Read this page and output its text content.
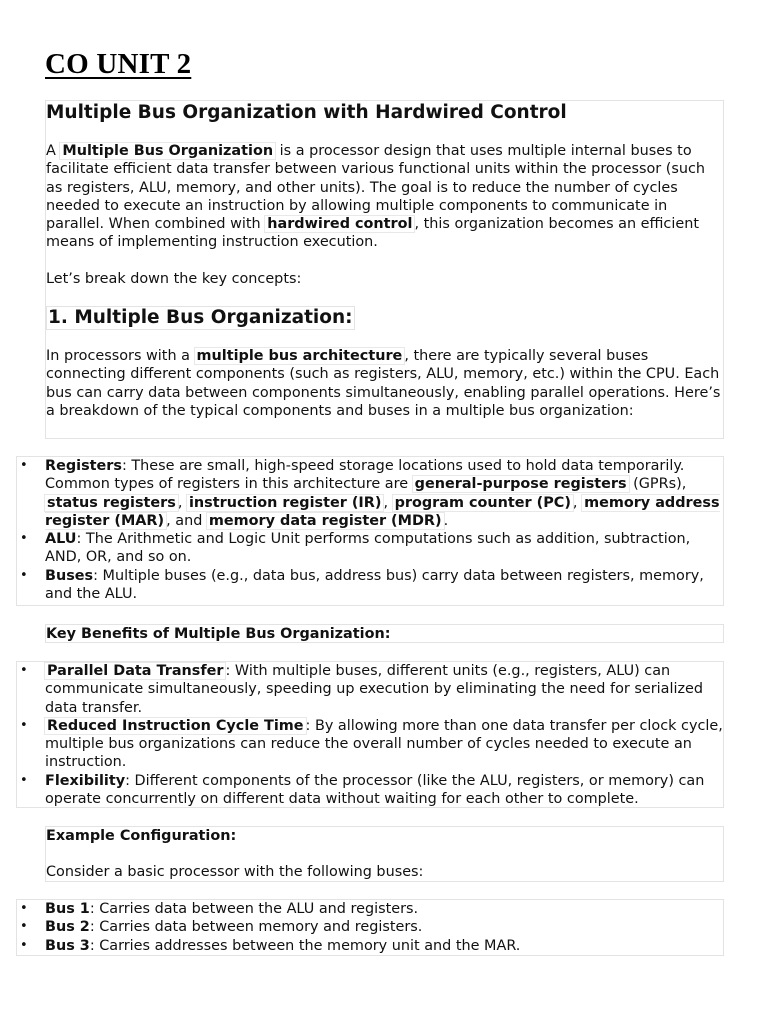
CO UNIT 2
Multiple Bus Organization with Hardwired Control

A Multiple Bus Organization is a processor design that uses multiple internal buses to facilitate efficient data transfer between various functional units within the processor (such as registers, ALU, memory, and other units). The goal is to reduce the number of cycles needed to execute an instruction by allowing multiple components to communicate in parallel. When combined with hardwired control , this organization becomes an efficient means of implementing instruction execution.

Let’s break down the key concepts:

1. Multiple Bus Organization:

In processors with a multiple bus architecture , there are typically several buses connecting different components (such as registers, ALU, memory, etc.) within the CPU. Each bus can carry data between components simultaneously, enabling parallel operations. Here’s a breakdown of the typical components and buses in a multiple bus organization:

• Registers: These are small, high-speed storage locations used to hold data temporarily. Common types of registers in this architecture are general-purpose registers (GPRs), status registers , instruction register (IR) , program counter (PC) , memory address register (MAR) , and memory data register (MDR) .
• ALU: The Arithmetic and Logic Unit performs computations such as addition, subtraction, AND, OR, and so on.
• Buses: Multiple buses (e.g., data bus, address bus) carry data between registers, memory, and the ALU.
Key Benefits of Multiple Bus Organization:
• Parallel Data Transfer : With multiple buses, different units (e.g., registers, ALU) can communicate simultaneously, speeding up execution by eliminating the need for serialized data transfer.
• Reduced Instruction Cycle Time : By allowing more than one data transfer per clock cycle, multiple bus organizations can reduce the overall number of cycles needed to execute an instruction.
• Flexibility: Different components of the processor (like the ALU, registers, or memory) can operate concurrently on different data without waiting for each other to complete.
Example Configuration:

Consider a basic processor with the following buses:

• Bus 1: Carries data between the ALU and registers.
• Bus 2: Carries data between memory and registers.
• Bus 3: Carries addresses between the memory unit and the MAR.
